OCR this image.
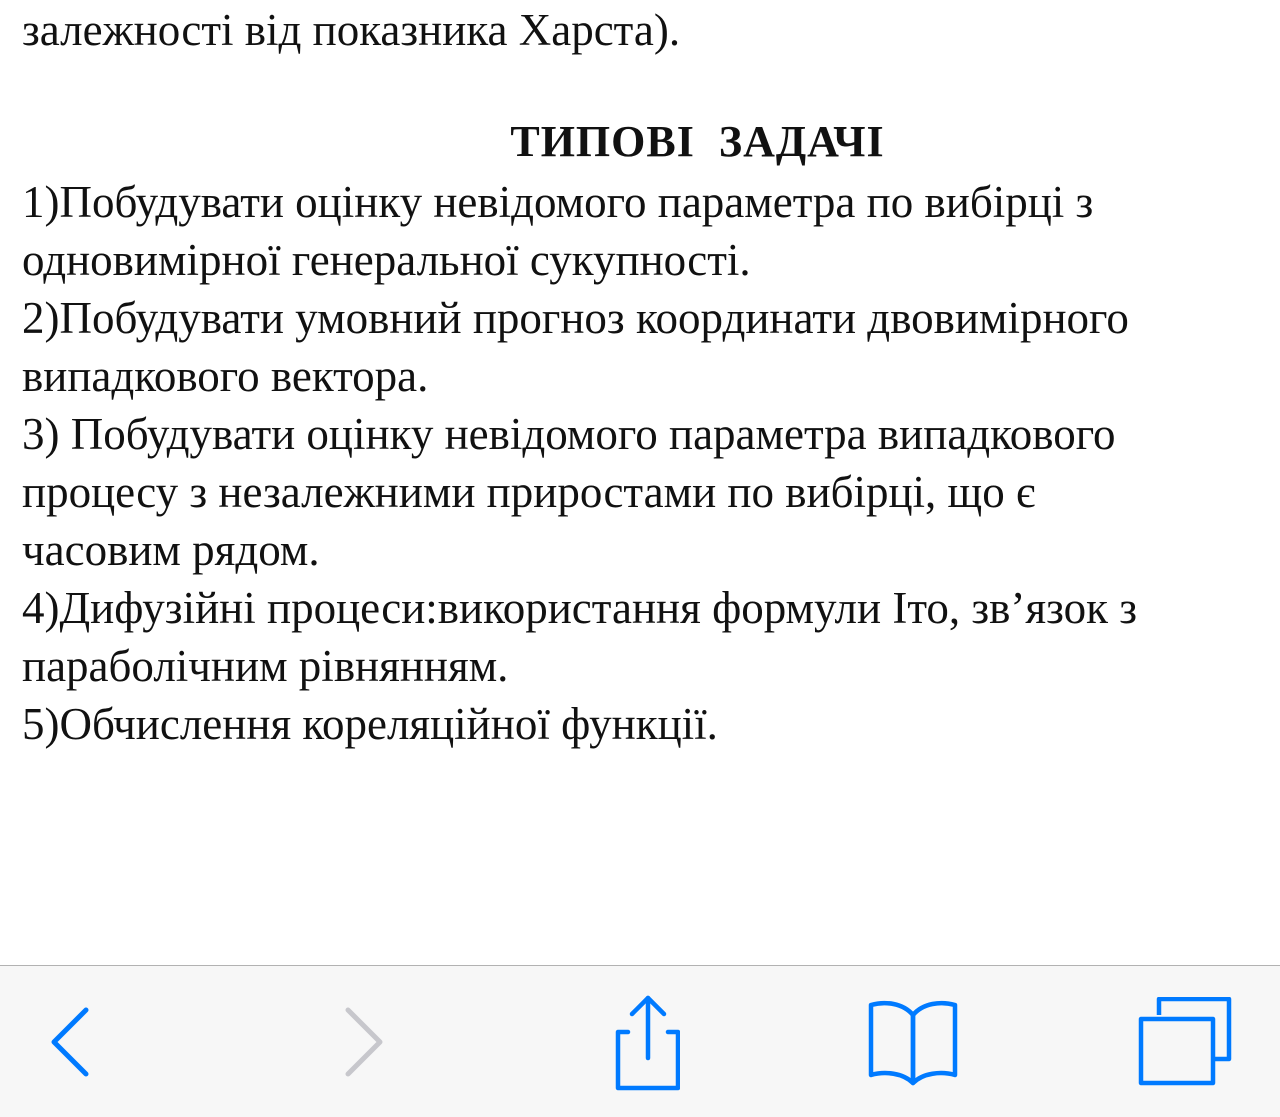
залежності від показника Харста).
ТИПОВІ  ЗАДАЧІ
1)Побудувати оцінку невідомого параметра по вибірці з
одновимірної генеральної сукупності.
2)Побудувати умовний прогноз координати двовимірного
випадкового вектора.
3) Побудувати оцінку невідомого параметра випадкового
процесу з незалежними приростами по вибірці, що є
часовим рядом.
4)Дифузійні процеси:використання формули Іто, зв’язок з
параболічним рівнянням.
5)Обчислення кореляційної функції.
